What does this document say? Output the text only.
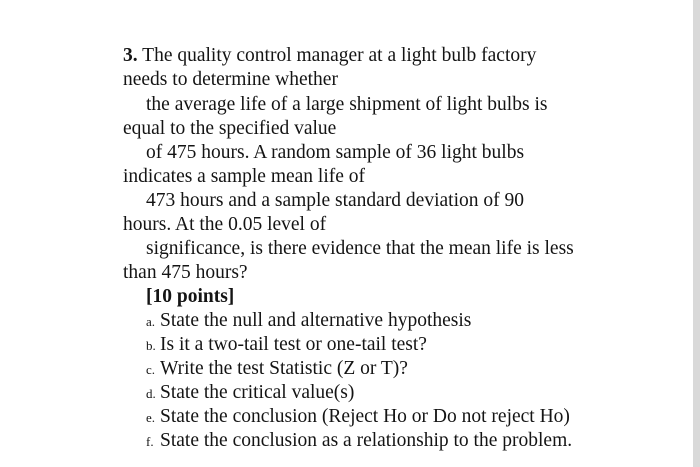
3. The quality control manager at a light bulb factory
needs to determine whether
the average life of a large shipment of light bulbs is
equal to the specified value
of 475 hours. A random sample of 36 light bulbs
indicates a sample mean life of
473 hours and a sample standard deviation of 90
hours. At the 0.05 level of
significance, is there evidence that the mean life is less
than 475 hours?
[10 points]
a. State the null and alternative hypothesis
b. Is it a two-tail test or one-tail test?
c. Write the test Statistic (Z or T)?
d. State the critical value(s)
e. State the conclusion (Reject Ho or Do not reject Ho)
f. State the conclusion as a relationship to the problem.
